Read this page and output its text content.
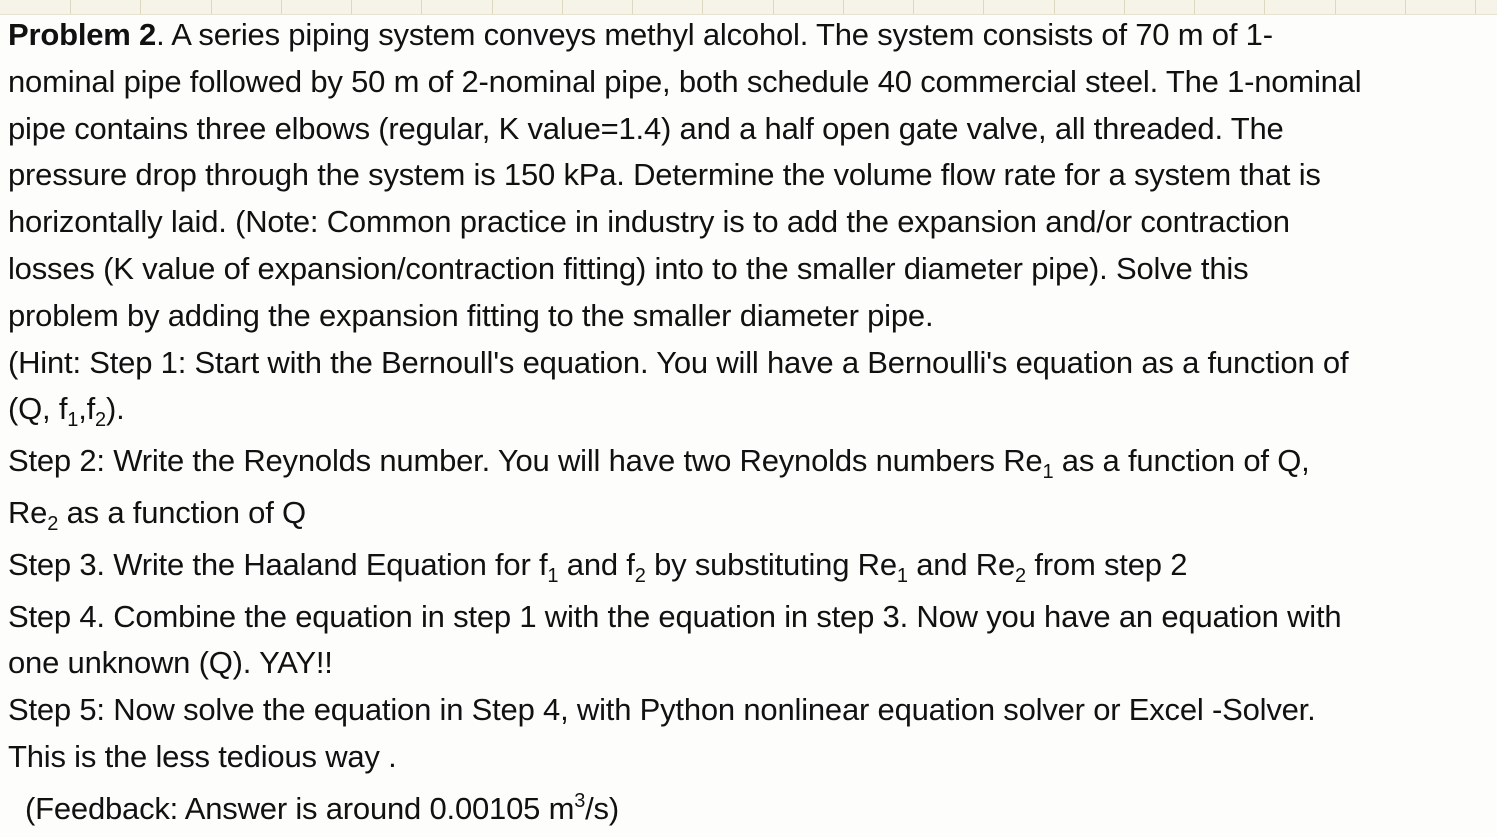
Problem 2. A series piping system conveys methyl alcohol. The system consists of 70 m of 1-
nominal pipe followed by 50 m of 2-nominal pipe, both schedule 40 commercial steel. The 1-nominal
pipe contains three elbows (regular, K value=1.4) and a half open gate valve, all threaded. The
pressure drop through the system is 150 kPa. Determine the volume flow rate for a system that is
horizontally laid. (Note: Common practice in industry is to add the expansion and/or contraction
losses (K value of expansion/contraction fitting) into to the smaller diameter pipe). Solve this
problem by adding the expansion fitting to the smaller diameter pipe.
(Hint: Step 1: Start with the Bernoull's equation. You will have a Bernoulli's equation as a function of
(Q, $f_1,f_2$).
Step 2: Write the Reynolds number. You will have two Reynolds numbers $Re_1$ as a function of Q,
$Re_2$ as a function of Q
Step 3. Write the Haaland Equation for $f_1$ and $f_2$ by substituting $Re_1$ and $Re_2$ from step 2
Step 4. Combine the equation in step 1 with the equation in step 3. Now you have an equation with
one unknown (Q). YAY!!
Step 5: Now solve the equation in Step 4, with Python nonlinear equation solver or Excel -Solver.
This is the less tedious way .
(Feedback: Answer is around 0.00105 $m^3/s$)
